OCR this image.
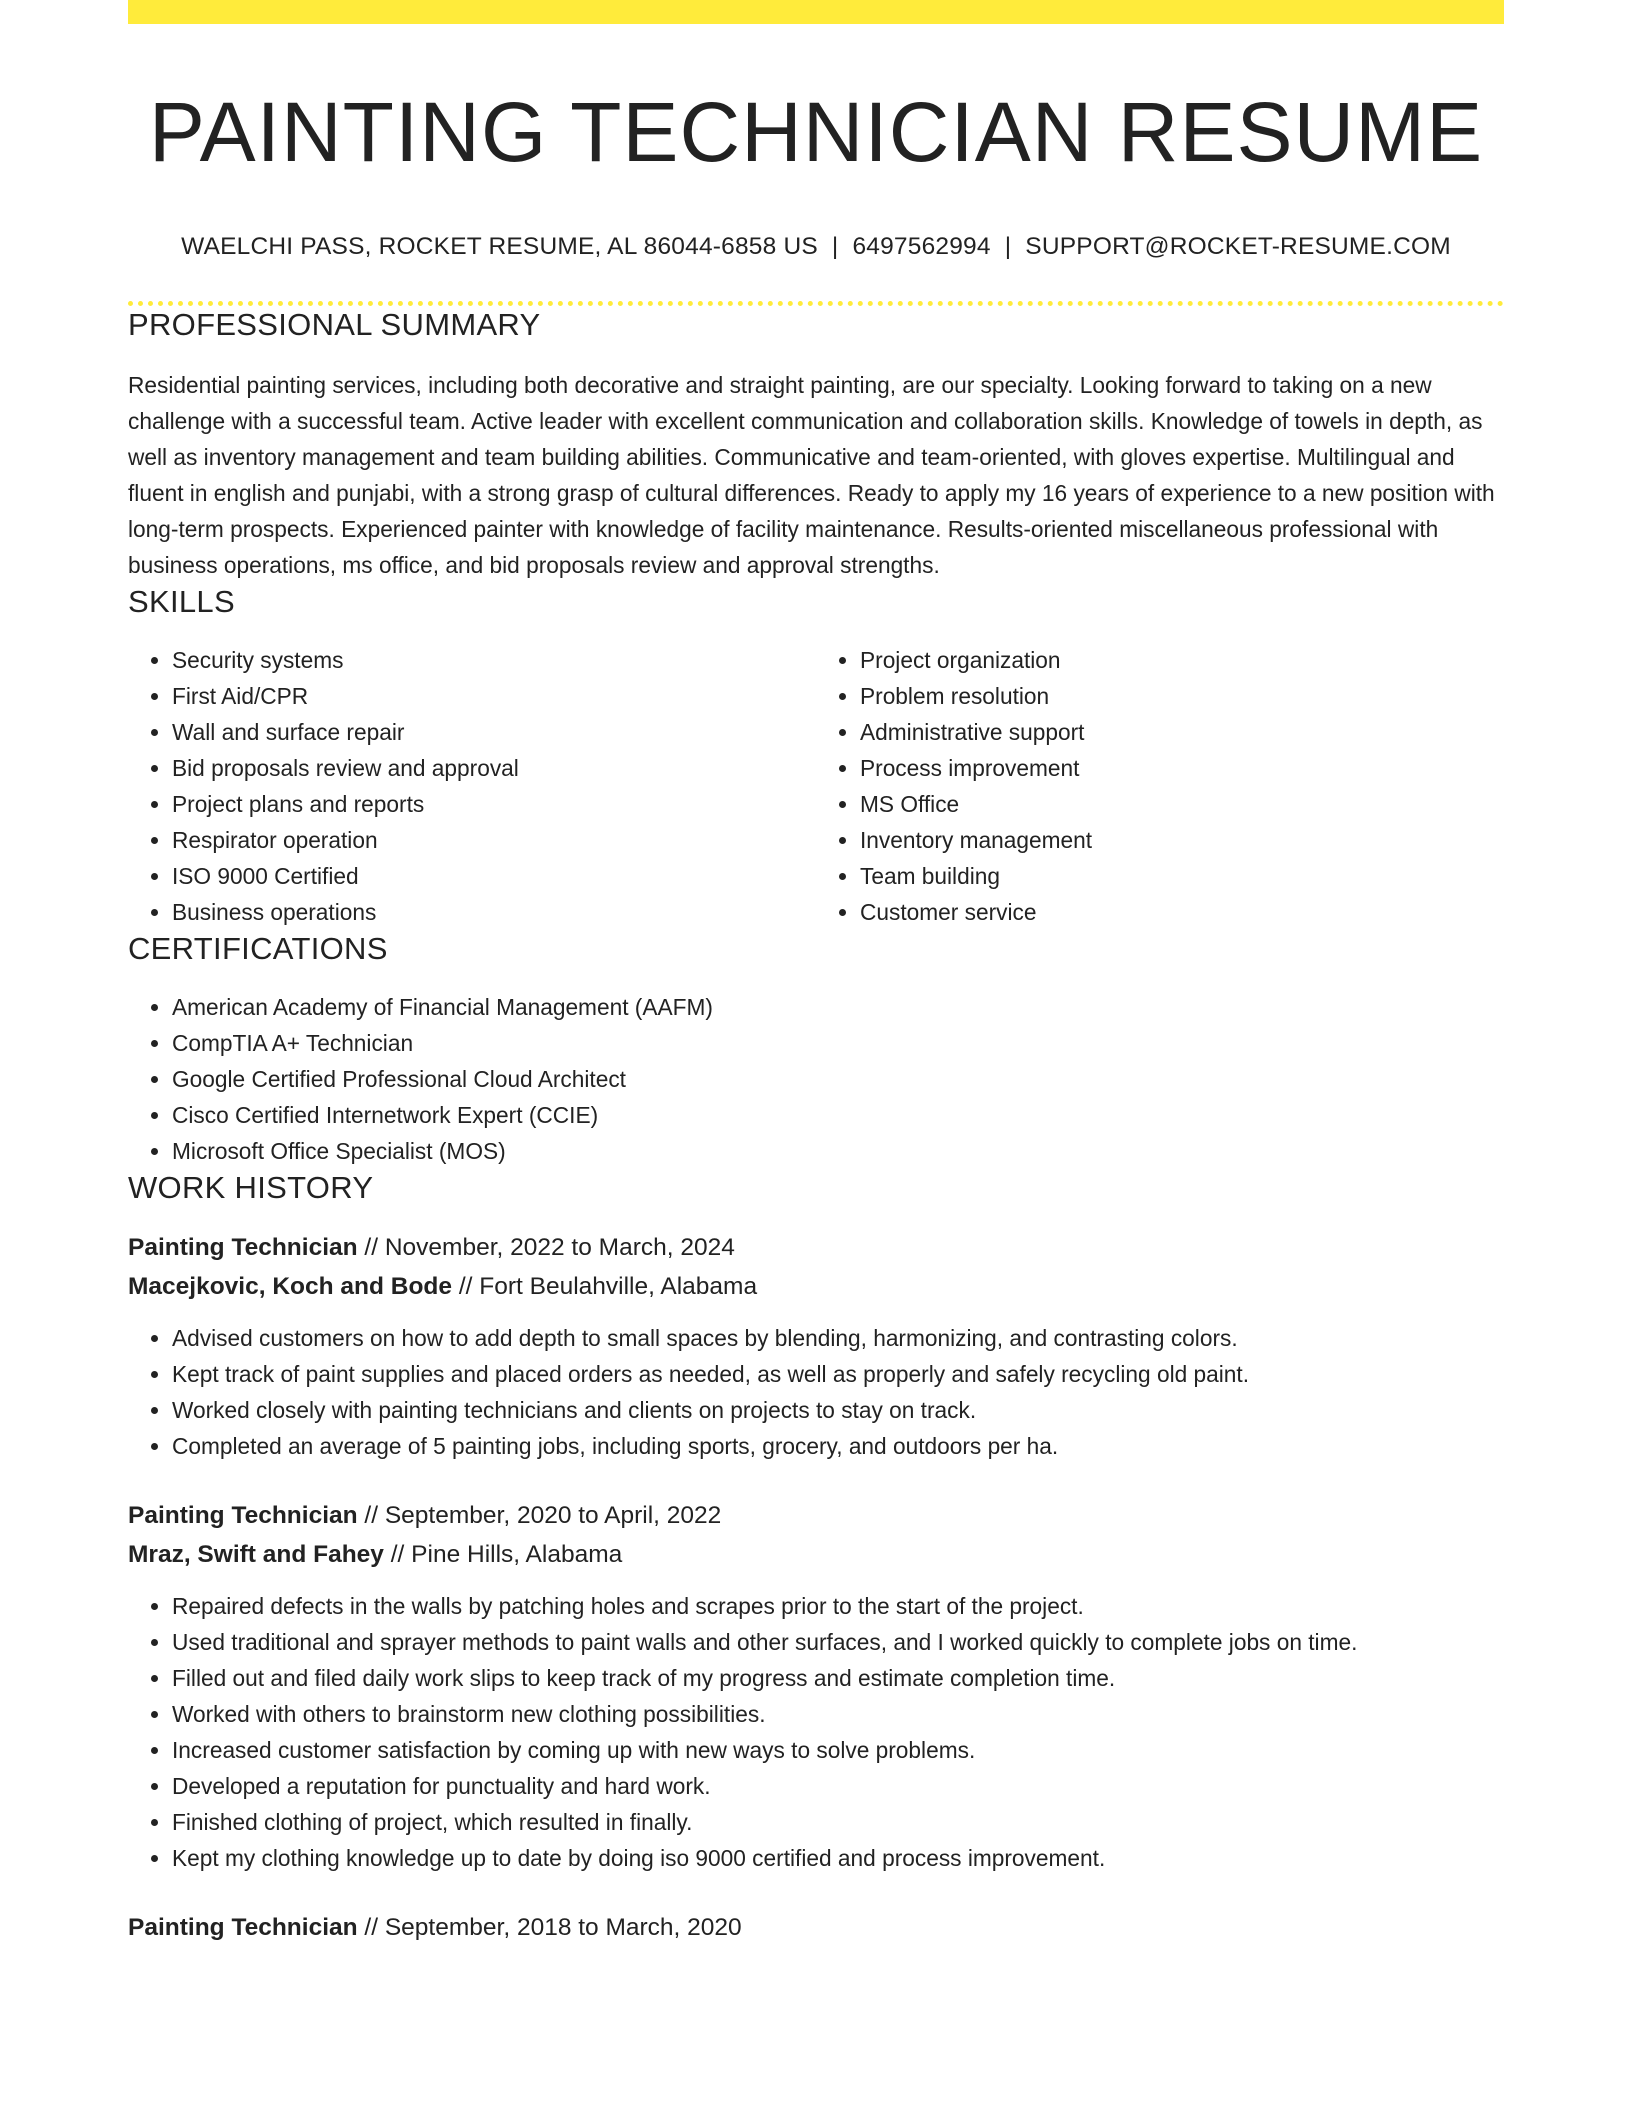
PAINTING TECHNICIAN RESUME
WAELCHI PASS, ROCKET RESUME, AL 86044-6858 US | 6497562994 | SUPPORT@ROCKET-RESUME.COM
PROFESSIONAL SUMMARY

Residential painting services, including both decorative and straight painting, are our specialty. Looking forward to taking on a new challenge with a successful team. Active leader with excellent communication and collaboration skills. Knowledge of towels in depth, as well as inventory management and team building abilities. Communicative and team-oriented, with gloves expertise. Multilingual and fluent in english and punjabi, with a strong grasp of cultural differences. Ready to apply my 16 years of experience to a new position with long-term prospects. Experienced painter with knowledge of facility maintenance. Results-oriented miscellaneous professional with business operations, ms office, and bid proposals review and approval strengths.

SKILLS
• Security systems
• First Aid/CPR
• Wall and surface repair
• Bid proposals review and approval
• Project plans and reports
• Respirator operation
• ISO 9000 Certified
• Business operations
• Project organization
• Problem resolution
• Administrative support
• Process improvement
• MS Office
• Inventory management
• Team building
• Customer service
CERTIFICATIONS
• American Academy of Financial Management (AAFM)
• CompTIA A+ Technician
• Google Certified Professional Cloud Architect
• Cisco Certified Internetwork Expert (CCIE)
• Microsoft Office Specialist (MOS)
WORK HISTORY
Painting Technician // November, 2022 to March, 2024
Macejkovic, Koch and Bode // Fort Beulahville, Alabama
• Advised customers on how to add depth to small spaces by blending, harmonizing, and contrasting colors.
• Kept track of paint supplies and placed orders as needed, as well as properly and safely recycling old paint.
• Worked closely with painting technicians and clients on projects to stay on track.
• Completed an average of 5 painting jobs, including sports, grocery, and outdoors per ha.
Painting Technician // September, 2020 to April, 2022
Mraz, Swift and Fahey // Pine Hills, Alabama
• Repaired defects in the walls by patching holes and scrapes prior to the start of the project.
• Used traditional and sprayer methods to paint walls and other surfaces, and I worked quickly to complete jobs on time.
• Filled out and filed daily work slips to keep track of my progress and estimate completion time.
• Worked with others to brainstorm new clothing possibilities.
• Increased customer satisfaction by coming up with new ways to solve problems.
• Developed a reputation for punctuality and hard work.
• Finished clothing of project, which resulted in finally.
• Kept my clothing knowledge up to date by doing iso 9000 certified and process improvement.
Painting Technician // September, 2018 to March, 2020
